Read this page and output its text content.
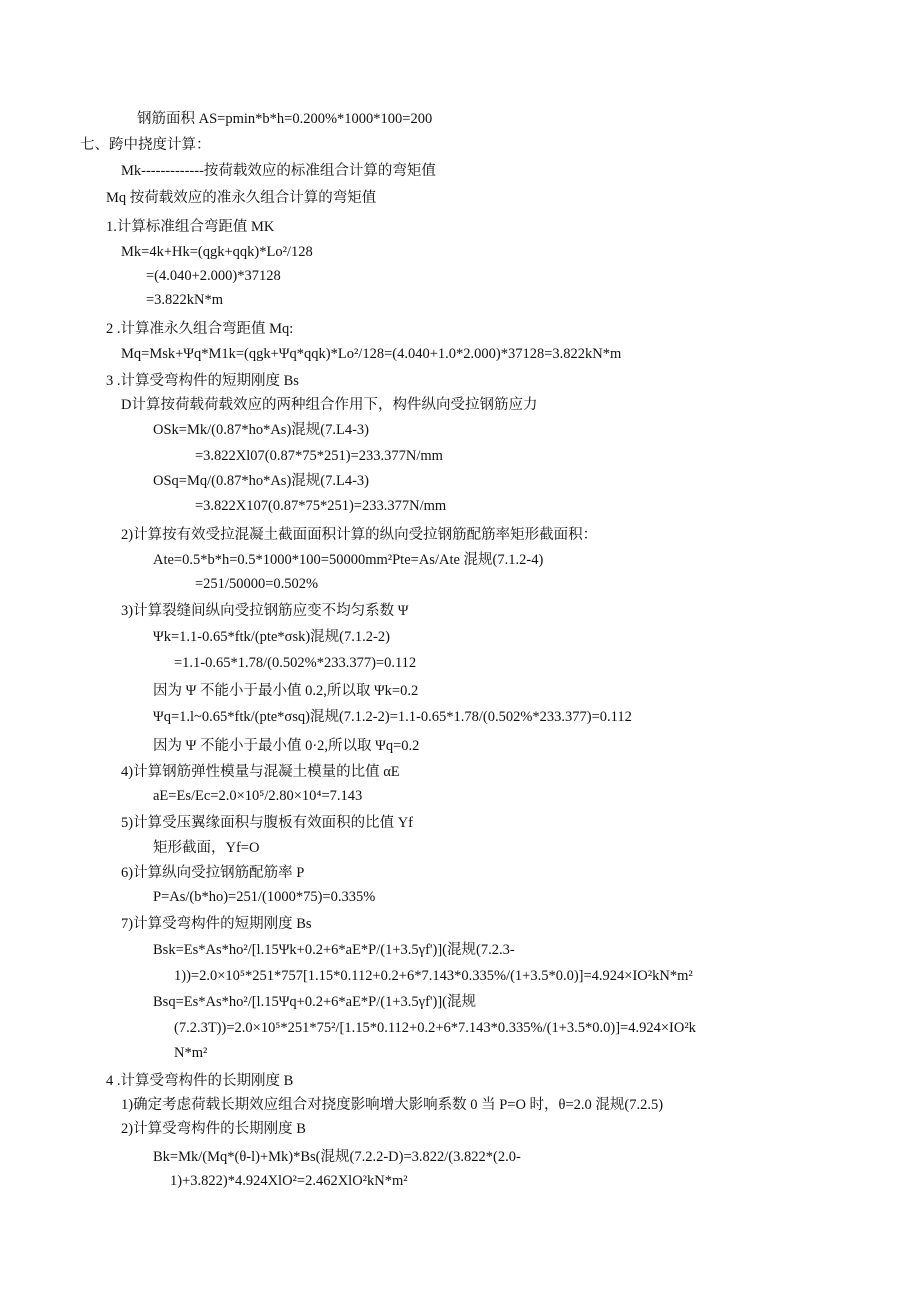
钢筋面积 AS=pmin*b*h=0.200%*1000*100=200
七、跨中挠度计算：
Mk-------------按荷载效应的标准组合计算的弯矩值
Mq 按荷载效应的准永久组合计算的弯矩值
1.计算标准组合弯距值 MK
Mk=4k+Hk=(qgk+qqk)*Lo²/128
=(4.040+2.000)*37128
=3.822kN*m
2 .计算准永久组合弯距值 Mq:
Mq=Msk+Ψq*M1k=(qgk+Ψq*qqk)*Lo²/128=(4.040+1.0*2.000)*37128=3.822kN*m
3 .计算受弯构件的短期刚度 Bs
D计算按荷载荷载效应的两种组合作用下，构件纵向受拉钢筋应力
OSk=Mk/(0.87*ho*As)混规(7.L4-3)
=3.822Xl07(0.87*75*251)=233.377N/mm
OSq=Mq/(0.87*ho*As)混规(7.L4-3)
=3.822X107(0.87*75*251)=233.377N/mm
2)计算按有效受拉混凝土截面面积计算的纵向受拉钢筋配筋率矩形截面积：
Ate=0.5*b*h=0.5*1000*100=50000mm²Pte=As/Ate 混规(7.1.2-4)
=251/50000=0.502%
3)计算裂缝间纵向受拉钢筋应变不均匀系数 Ψ
Ψk=1.1-0.65*ftk/(pte*σsk)混规(7.1.2-2)
=1.1-0.65*1.78/(0.502%*233.377)=0.112
因为 Ψ 不能小于最小值 0.2,所以取 Ψk=0.2
Ψq=1.l~0.65*ftk/(pte*σsq)混规(7.1.2-2)=1.1-0.65*1.78/(0.502%*233.377)=0.112
因为 Ψ 不能小于最小值 0·2,所以取 Ψq=0.2
4)计算钢筋弹性模量与混凝土模量的比值 αE
aE=Es/Ec=2.0×10⁵/2.80×10⁴=7.143
5)计算受压翼缘面积与腹板有效面积的比值 Yf
矩形截面，Yf=O
6)计算纵向受拉钢筋配筋率 P
P=As/(b*ho)=251/(1000*75)=0.335%
7)计算受弯构件的短期刚度 Bs
Bsk=Es*As*ho²/[l.15Ψk+0.2+6*aE*P/(1+3.5γf')](混规(7.2.3-
1))=2.0×10⁵*251*757[1.15*0.112+0.2+6*7.143*0.335%/(1+3.5*0.0)]=4.924×IO²kN*m²
Bsq=Es*As*ho²/[l.15Ψq+0.2+6*aE*P/(1+3.5γf')](混规
(7.2.3T))=2.0×10⁵*251*75²/[1.15*0.112+0.2+6*7.143*0.335%/(1+3.5*0.0)]=4.924×IO²k
N*m²
4 .计算受弯构件的长期刚度 B
1)确定考虑荷载长期效应组合对挠度影响增大影响系数 0 当 P=O 时，θ=2.0 混规(7.2.5)
2)计算受弯构件的长期刚度 B
Bk=Mk/(Mq*(θ-l)+Mk)*Bs(混规(7.2.2-D)=3.822/(3.822*(2.0-
1)+3.822)*4.924XlO²=2.462XlO²kN*m²
